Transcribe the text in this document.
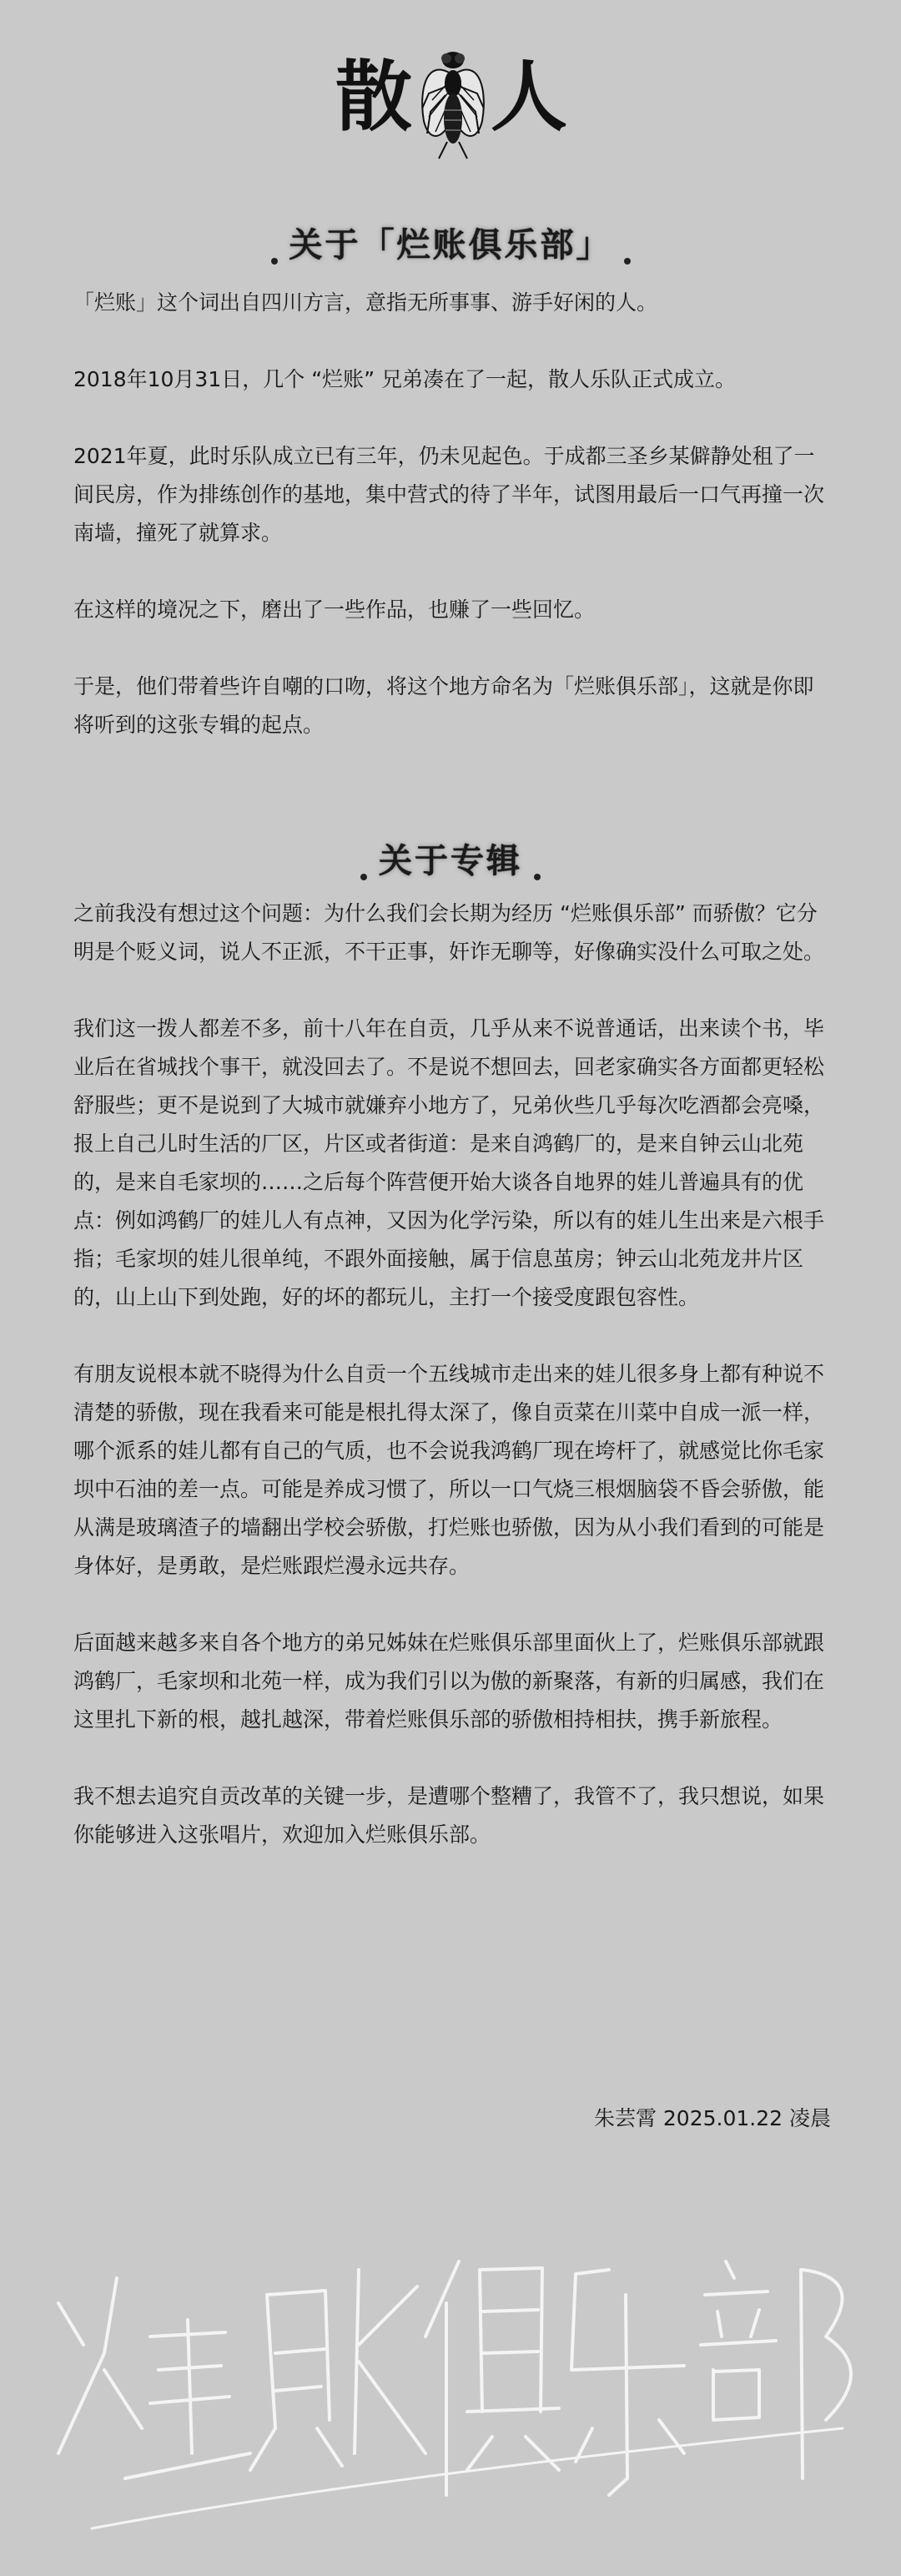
散 人
关于「烂账俱乐部」

「烂账」这个词出自四川方言，意指无所事事、游手好闲的人。

2018年10月31日，几个 “烂账” 兄弟凑在了一起，散人乐队正式成立。

2021年夏，此时乐队成立已有三年，仍未见起色。于成都三圣乡某僻静处租了一间民房，作为排练创作的基地，集中营式的待了半年，试图用最后一口气再撞一次南墙，撞死了就算求。

在这样的境况之下，磨出了一些作品，也赚了一些回忆。

于是，他们带着些许自嘲的口吻，将这个地方命名为「烂账俱乐部」，这就是你即将听到的这张专辑的起点。

关于专辑

之前我没有想过这个问题：为什么我们会长期为经历 “烂账俱乐部” 而骄傲？它分明是个贬义词，说人不正派，不干正事，奸诈无聊等，好像确实没什么可取之处。

我们这一拨人都差不多，前十八年在自贡，几乎从来不说普通话，出来读个书，毕业后在省城找个事干，就没回去了。不是说不想回去，回老家确实各方面都更轻松舒服些；更不是说到了大城市就嫌弃小地方了，兄弟伙些几乎每次吃酒都会亮嗓，报上自己儿时生活的厂区，片区或者街道：是来自鸿鹤厂的，是来自钟云山北苑的，是来自毛家坝的……之后每个阵营便开始大谈各自地界的娃儿普遍具有的优点：例如鸿鹤厂的娃儿人有点神，又因为化学污染，所以有的娃儿生出来是六根手指；毛家坝的娃儿很单纯，不跟外面接触，属于信息茧房；钟云山北苑龙井片区的，山上山下到处跑，好的坏的都玩儿，主打一个接受度跟包容性。

有朋友说根本就不晓得为什么自贡一个五线城市走出来的娃儿很多身上都有种说不清楚的骄傲，现在我看来可能是根扎得太深了，像自贡菜在川菜中自成一派一样，哪个派系的娃儿都有自己的气质，也不会说我鸿鹤厂现在垮杆了，就感觉比你毛家坝中石油的差一点。可能是养成习惯了，所以一口气烧三根烟脑袋不昏会骄傲，能从满是玻璃渣子的墙翻出学校会骄傲，打烂账也骄傲，因为从小我们看到的可能是身体好，是勇敢，是烂账跟烂漫永远共存。

后面越来越多来自各个地方的弟兄姊妹在烂账俱乐部里面伙上了，烂账俱乐部就跟鸿鹤厂，毛家坝和北苑一样，成为我们引以为傲的新聚落，有新的归属感，我们在这里扎下新的根，越扎越深，带着烂账俱乐部的骄傲相持相扶，携手新旅程。

我不想去追究自贡改革的关键一步，是遭哪个整糟了，我管不了，我只想说，如果你能够进入这张唱片，欢迎加入烂账俱乐部。

朱芸霄 2025.01.22 凌晨
